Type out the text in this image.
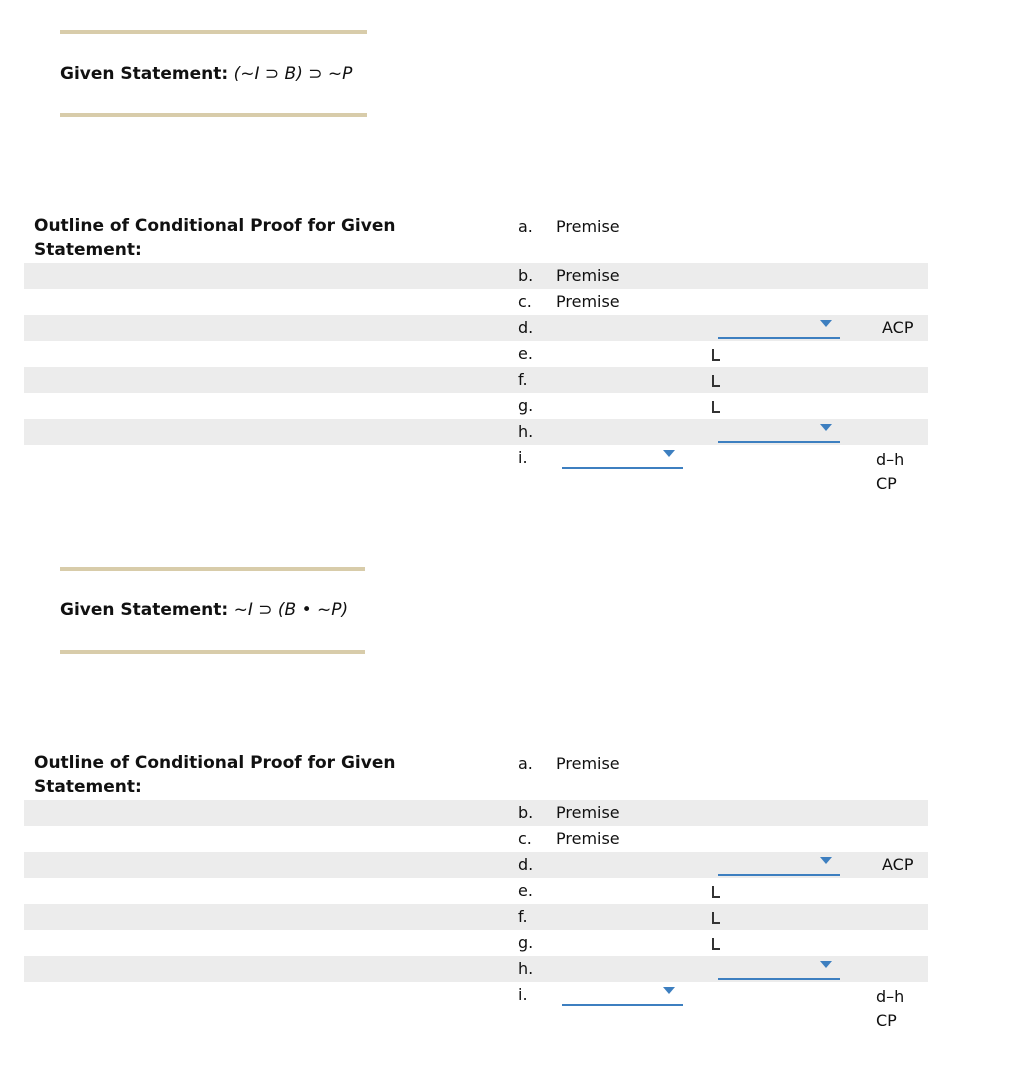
Given Statement: (~I ⊃ B) ⊃ ~P
Outline of Conditional Proof for Given Statement:
a. Premise
b. Premise
c. Premise
d.	ACP
e.
f.
g.
h.
i.	d–h
CP
Given Statement: ~I ⊃ (B • ~P)
Outline of Conditional Proof for Given Statement:
a. Premise
b. Premise
c. Premise
d.	ACP
e.
f.
g.
h.
i.	d–h
CP
